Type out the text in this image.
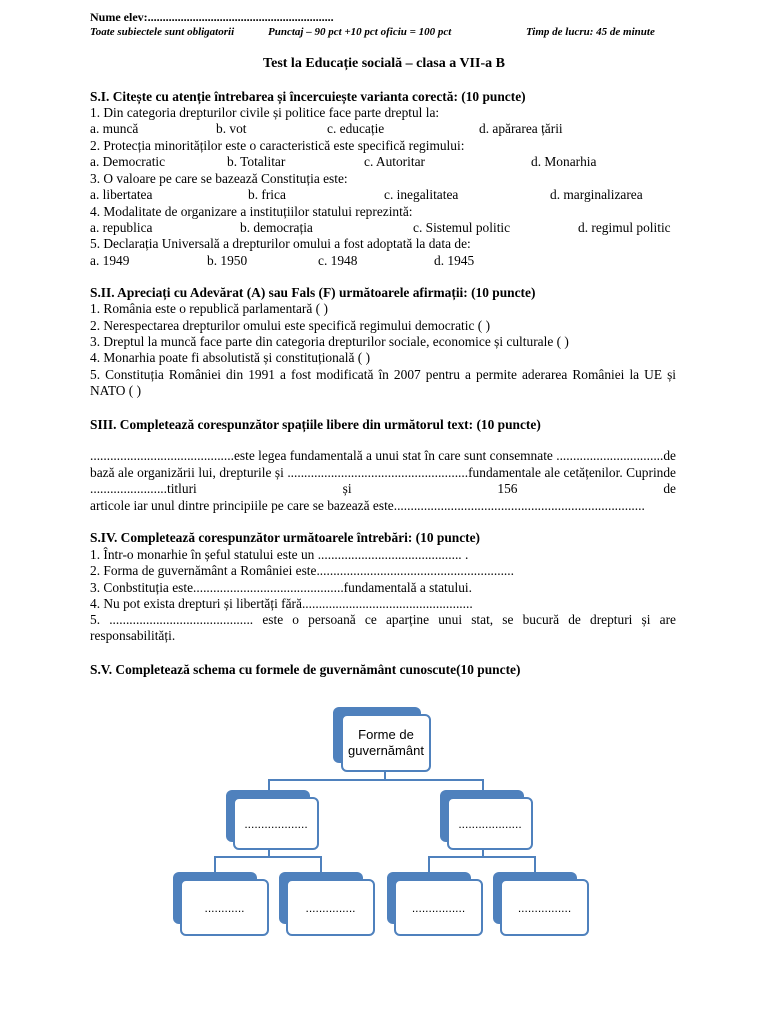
Nume elev:..............................................................
Toate subiectele sunt obligatorii	Punctaj – 90 pct +10 pct oficiu = 100 pct	Timp de lucru: 45 de minute
Test la Educație socială – clasa a VII-a B
S.I. Citește cu atenție întrebarea și încercuiește varianta corectă: (10 puncte)
1. Din categoria drepturilor civile și politice face parte dreptul la:
a. muncă	b. vot	c. educație	d. apărarea țării
2. Protecția minorităților este o caracteristică este specifică regimului:
a. Democratic	b. Totalitar	c. Autoritar	d. Monarhia
3. O valoare pe care se bazează Constituția este:
a. libertatea	b. frica	c. inegalitatea	d. marginalizarea
4. Modalitate de organizare a instituțiilor statului reprezintă:
a. republica	b. democrația	c. Sistemul politic	d. regimul politic
5. Declarația Universală a drepturilor omului a fost adoptată la data de:
a. 1949	b. 1950	c. 1948	d. 1945
S.II. Apreciați cu Adevărat (A) sau Fals (F) următoarele afirmații: (10 puncte)
1. România este o republică parlamentară ( )
2. Nerespectarea drepturilor omului este specifică regimului democratic ( )
3. Dreptul la muncă face parte din categoria drepturilor sociale, economice și culturale ( )
4. Monarhia poate fi absolutistă și constituțională ( )
5. Constituția României din 1991 a fost modificată în 2007 pentru a permite aderarea României la UE și
NATO ( )
SIII. Completează corespunzător spațiile libere din următorul text: (10 puncte)
...........................................este legea fundamentală a unui stat în care sunt consemnate ................................de bază ale organizării lui, drepturile și ......................................................fundamentale ale cetățenilor. Cuprinde .......................titluri și 156 de
articole iar unul dintre principiile pe care se bazează este...........................................................................
S.IV. Completează corespunzător următoarele întrebări: (10 puncte)
1. Într-o monarhie în șeful statului este un ........................................... .
2. Forma de guvernământ a României este...........................................................
3. Conbstituția este.............................................fundamentală a statului.
4. Nu pot exista drepturi și libertăți fără...................................................
5. ........................................... este o persoană ce aparține unui stat, se bucură de drepturi și are
responsabilități.
S.V. Completează schema cu formele de guvernământ cunoscute(10 puncte)
Forme de
guvernământ
...................	...................
............	...............	................	................
